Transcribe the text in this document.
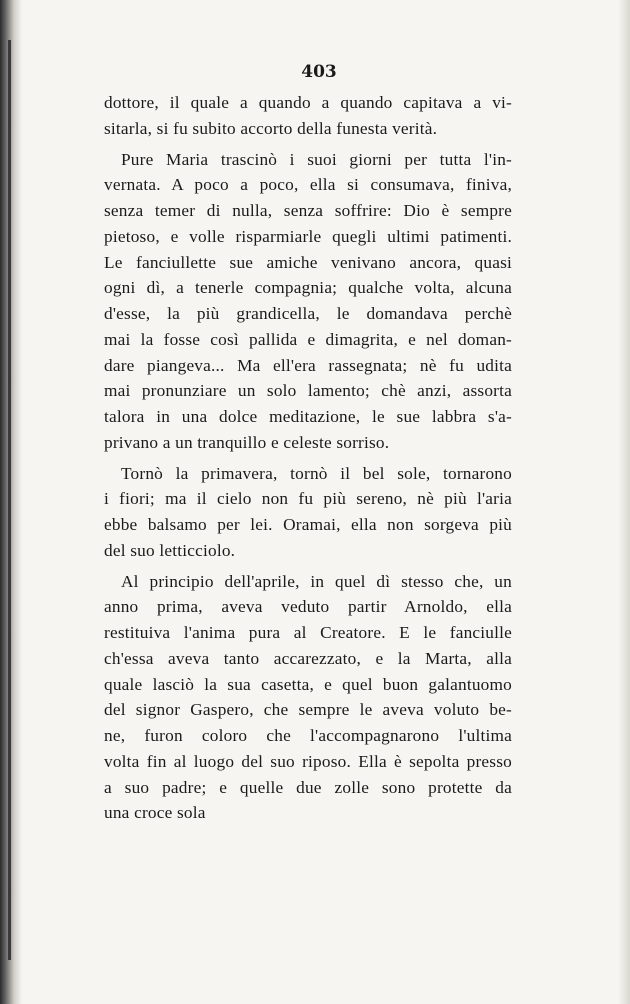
403
dottore, il quale a quando a quando capitava a vi-
sitarla, si fu subito accorto della funesta verità.
Pure Maria trascinò i suoi giorni per tutta l'in-
vernata. A poco a poco, ella si consumava, finiva,
senza temer di nulla, senza soffrire: Dio è sempre
pietoso, e volle risparmiarle quegli ultimi patimenti.
Le fanciullette sue amiche venivano ancora, quasi
ogni dì, a tenerle compagnia; qualche volta, alcuna
d'esse, la più grandicella, le domandava perchè
mai la fosse così pallida e dimagrita, e nel doman-
dare piangeva... Ma ell'era rassegnata; nè fu udita
mai pronunziare un solo lamento; chè anzi, assorta
talora in una dolce meditazione, le sue labbra s'a-
privano a un tranquillo e celeste sorriso.
Tornò la primavera, tornò il bel sole, tornarono
i fiori; ma il cielo non fu più sereno, nè più l'aria
ebbe balsamo per lei. Oramai, ella non sorgeva più
del suo letticciolo.
Al principio dell'aprile, in quel dì stesso che, un
anno prima, aveva veduto partir Arnoldo, ella
restituiva l'anima pura al Creatore. E le fanciulle
ch'essa aveva tanto accarezzato, e la Marta, alla
quale lasciò la sua casetta, e quel buon galantuomo
del signor Gaspero, che sempre le aveva voluto be-
ne, furon coloro che l'accompagnarono l'ultima
volta fin al luogo del suo riposo. Ella è sepolta presso
a suo padre; e quelle due zolle sono protette da
una croce sola
